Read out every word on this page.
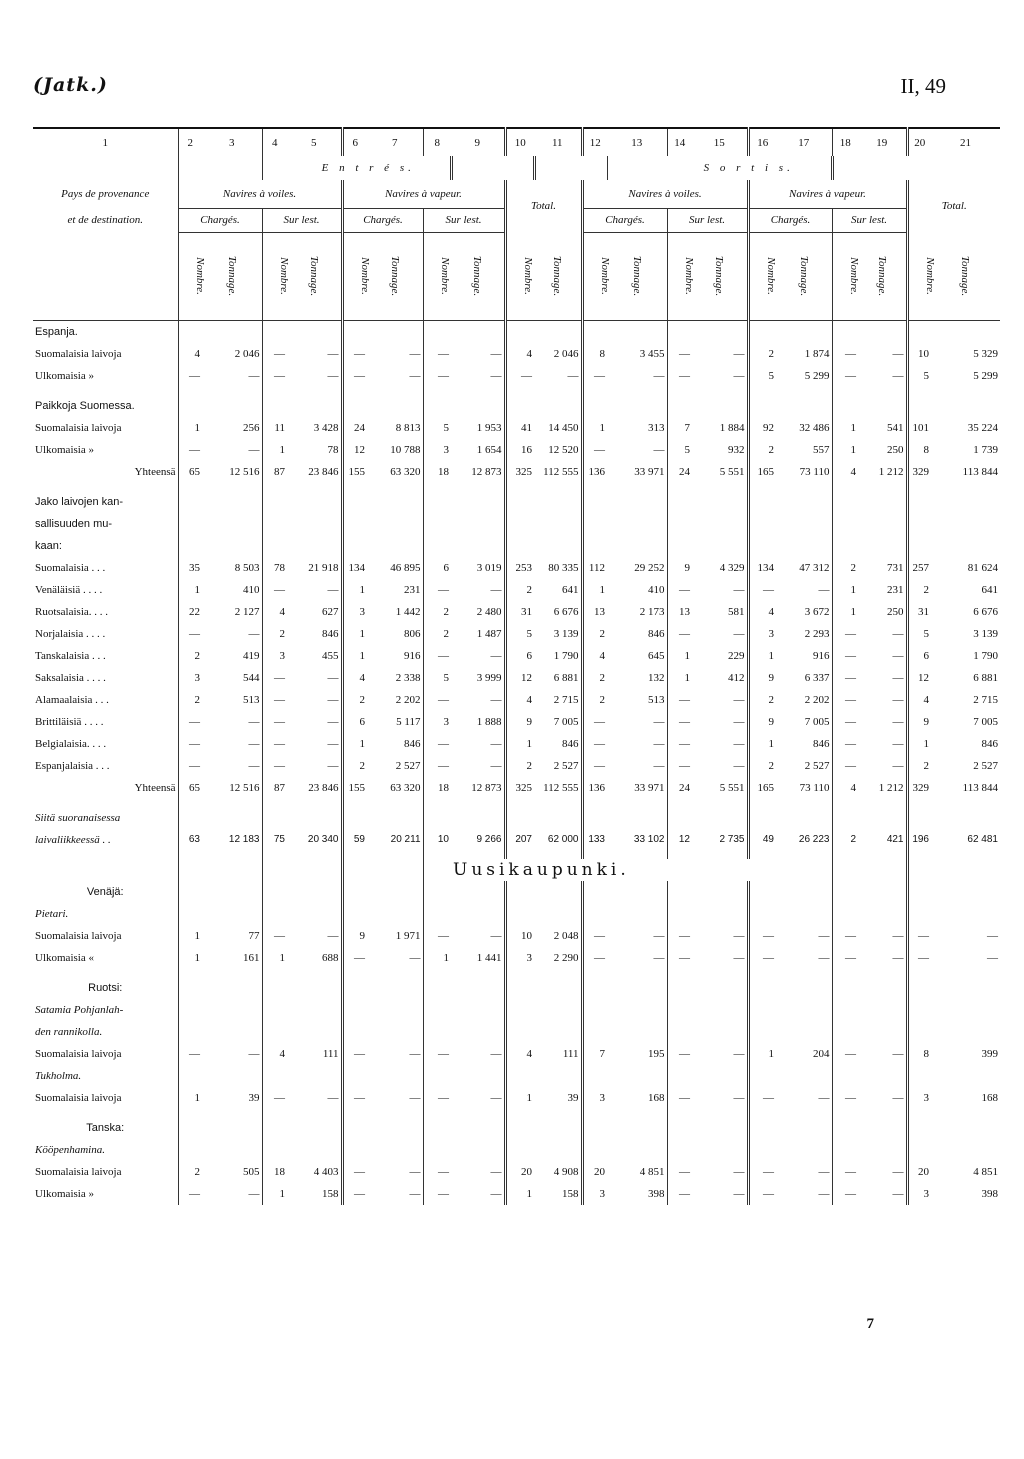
(Jatk.)	II, 49
1	2	3	4	5	6	7	8	9	10	11	12	13	14	15	16	17	18	19	20	21
				E n t r é s.									S o r t i s.							
Pays de provenance	Navires à voiles.				Navires à vapeur.				Total.		Navires à voiles.				Navires à vapeur.				Total.	
et de destination.	Chargés.		Sur lest.		Chargés.		Sur lest.				Chargés.		Sur lest.		Chargés.		Sur lest.			
	Nombre.	Tonnage.	Nombre.	Tonnage.	Nombre.	Tonnage.	Nombre.	Tonnage.	Nombre.	Tonnage.	Nombre.	Tonnage.	Nombre.	Tonnage.	Nombre.	Tonnage.	Nombre.	Tonnage.	Nombre.	Tonnage.
Espanja.																				
Suomalaisia laivoja	4	2 046	—	—	—	—	—	—	4	2 046	8	3 455	—	—	2	1 874	—	—	10	5 329
Ulkomaisia »	—	—	—	—	—	—	—	—	—	—	—	—	—	—	5	5 299	—	—	5	5 299

Paikkoja Suomessa.																				
Suomalaisia laivoja	1	256	11	3 428	24	8 813	5	1 953	41	14 450	1	313	7	1 884	92	32 486	1	541	101	35 224
Ulkomaisia »	—	—	1	78	12	10 788	3	1 654	16	12 520	—	—	5	932	2	557	1	250	8	1 739
Yhteensä	65	12 516	87	23 846	155	63 320	18	12 873	325	112 555	136	33 971	24	5 551	165	73 110	4	1 212	329	113 844

Jako laivojen kan-																				
sallisuuden mu-																				
kaan:																				
Suomalaisia . . .	35	8 503	78	21 918	134	46 895	6	3 019	253	80 335	112	29 252	9	4 329	134	47 312	2	731	257	81 624
Venäläisiä . . . .	1	410	—	—	1	231	—	—	2	641	1	410	—	—	—	—	1	231	2	641
Ruotsalaisia. . . .	22	2 127	4	627	3	1 442	2	2 480	31	6 676	13	2 173	13	581	4	3 672	1	250	31	6 676
Norjalaisia . . . .	—	—	2	846	1	806	2	1 487	5	3 139	2	846	—	—	3	2 293	—	—	5	3 139
Tanskalaisia . . .	2	419	3	455	1	916	—	—	6	1 790	4	645	1	229	1	916	—	—	6	1 790
Saksalaisia . . . .	3	544	—	—	4	2 338	5	3 999	12	6 881	2	132	1	412	9	6 337	—	—	12	6 881
Alamaalaisia . . .	2	513	—	—	2	2 202	—	—	4	2 715	2	513	—	—	2	2 202	—	—	4	2 715
Brittiläisiä . . . .	—	—	—	—	6	5 117	3	1 888	9	7 005	—	—	—	—	9	7 005	—	—	9	7 005
Belgialaisia. . . .	—	—	—	—	1	846	—	—	1	846	—	—	—	—	1	846	—	—	1	846
Espanjalaisia . . .	—	—	—	—	2	2 527	—	—	2	2 527	—	—	—	—	2	2 527	—	—	2	2 527
Yhteensä	65	12 516	87	23 846	155	63 320	18	12 873	325	112 555	136	33 971	24	5 551	165	73 110	4	1 212	329	113 844

Siitä suoranaisessa																				
laivaliikkeessä . .	63	12 183	75	20 340	59	20 211	10	9 266	207	62 000	133	33 102	12	2 735	49	26 223	2	421	196	62 481

								Uusikaupunki.												
Venäjä:																				
Pietari.																				
Suomalaisia laivoja	1	77	—	—	9	1 971	—	—	10	2 048	—	—	—	—	—	—	—	—	—	—
Ulkomaisia «	1	161	1	688	—	—	1	1 441	3	2 290	—	—	—	—	—	—	—	—	—	—

Ruotsi:																				
Satamia Pohjanlah-																				
den rannikolla.																				
Suomalaisia laivoja	—	—	4	111	—	—	—	—	4	111	7	195	—	—	1	204	—	—	8	399
Tukholma.																				
Suomalaisia laivoja	1	39	—	—	—	—	—	—	1	39	3	168	—	—	—	—	—	—	3	168

Tanska:																				
Kööpenhamina.																				
Suomalaisia laivoja	2	505	18	4 403	—	—	—	—	20	4 908	20	4 851	—	—	—	—	—	—	20	4 851
Ulkomaisia »	—	—	1	158	—	—	—	—	1	158	3	398	—	—	—	—	—	—	3	398
7
